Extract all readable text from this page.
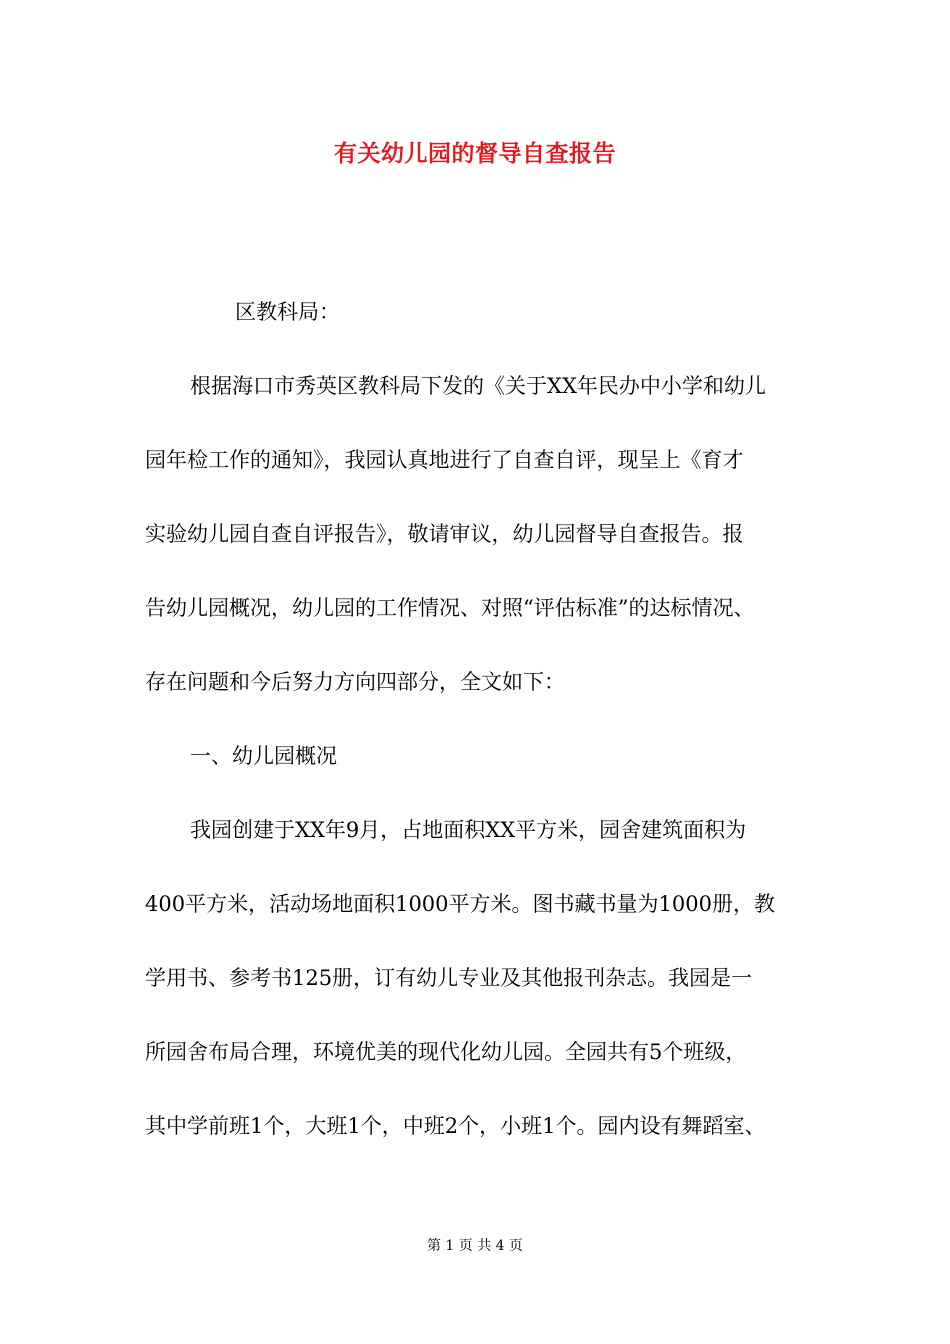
有关幼儿园的督导自查报告
区教科局：
根据海口市秀英区教科局下发的《关于XX年民办中小学和幼儿
园年检工作的通知》，我园认真地进行了自查自评，现呈上《育才
实验幼儿园自查自评报告》，敬请审议，幼儿园督导自查报告。报
告幼儿园概况，幼儿园的工作情况、对照“评估标准”的达标情况、
存在问题和今后努力方向四部分，全文如下：
一、幼儿园概况
我园创建于XX年9月，占地面积XX平方米，园舍建筑面积为
400平方米，活动场地面积1000平方米。图书藏书量为1000册，教
学用书、参考书125册，订有幼儿专业及其他报刊杂志。我园是一
所园舍布局合理，环境优美的现代化幼儿园。全园共有5个班级，
其中学前班1个，大班1个，中班2个，小班1个。园内设有舞蹈室、
第 1 页 共 4 页
